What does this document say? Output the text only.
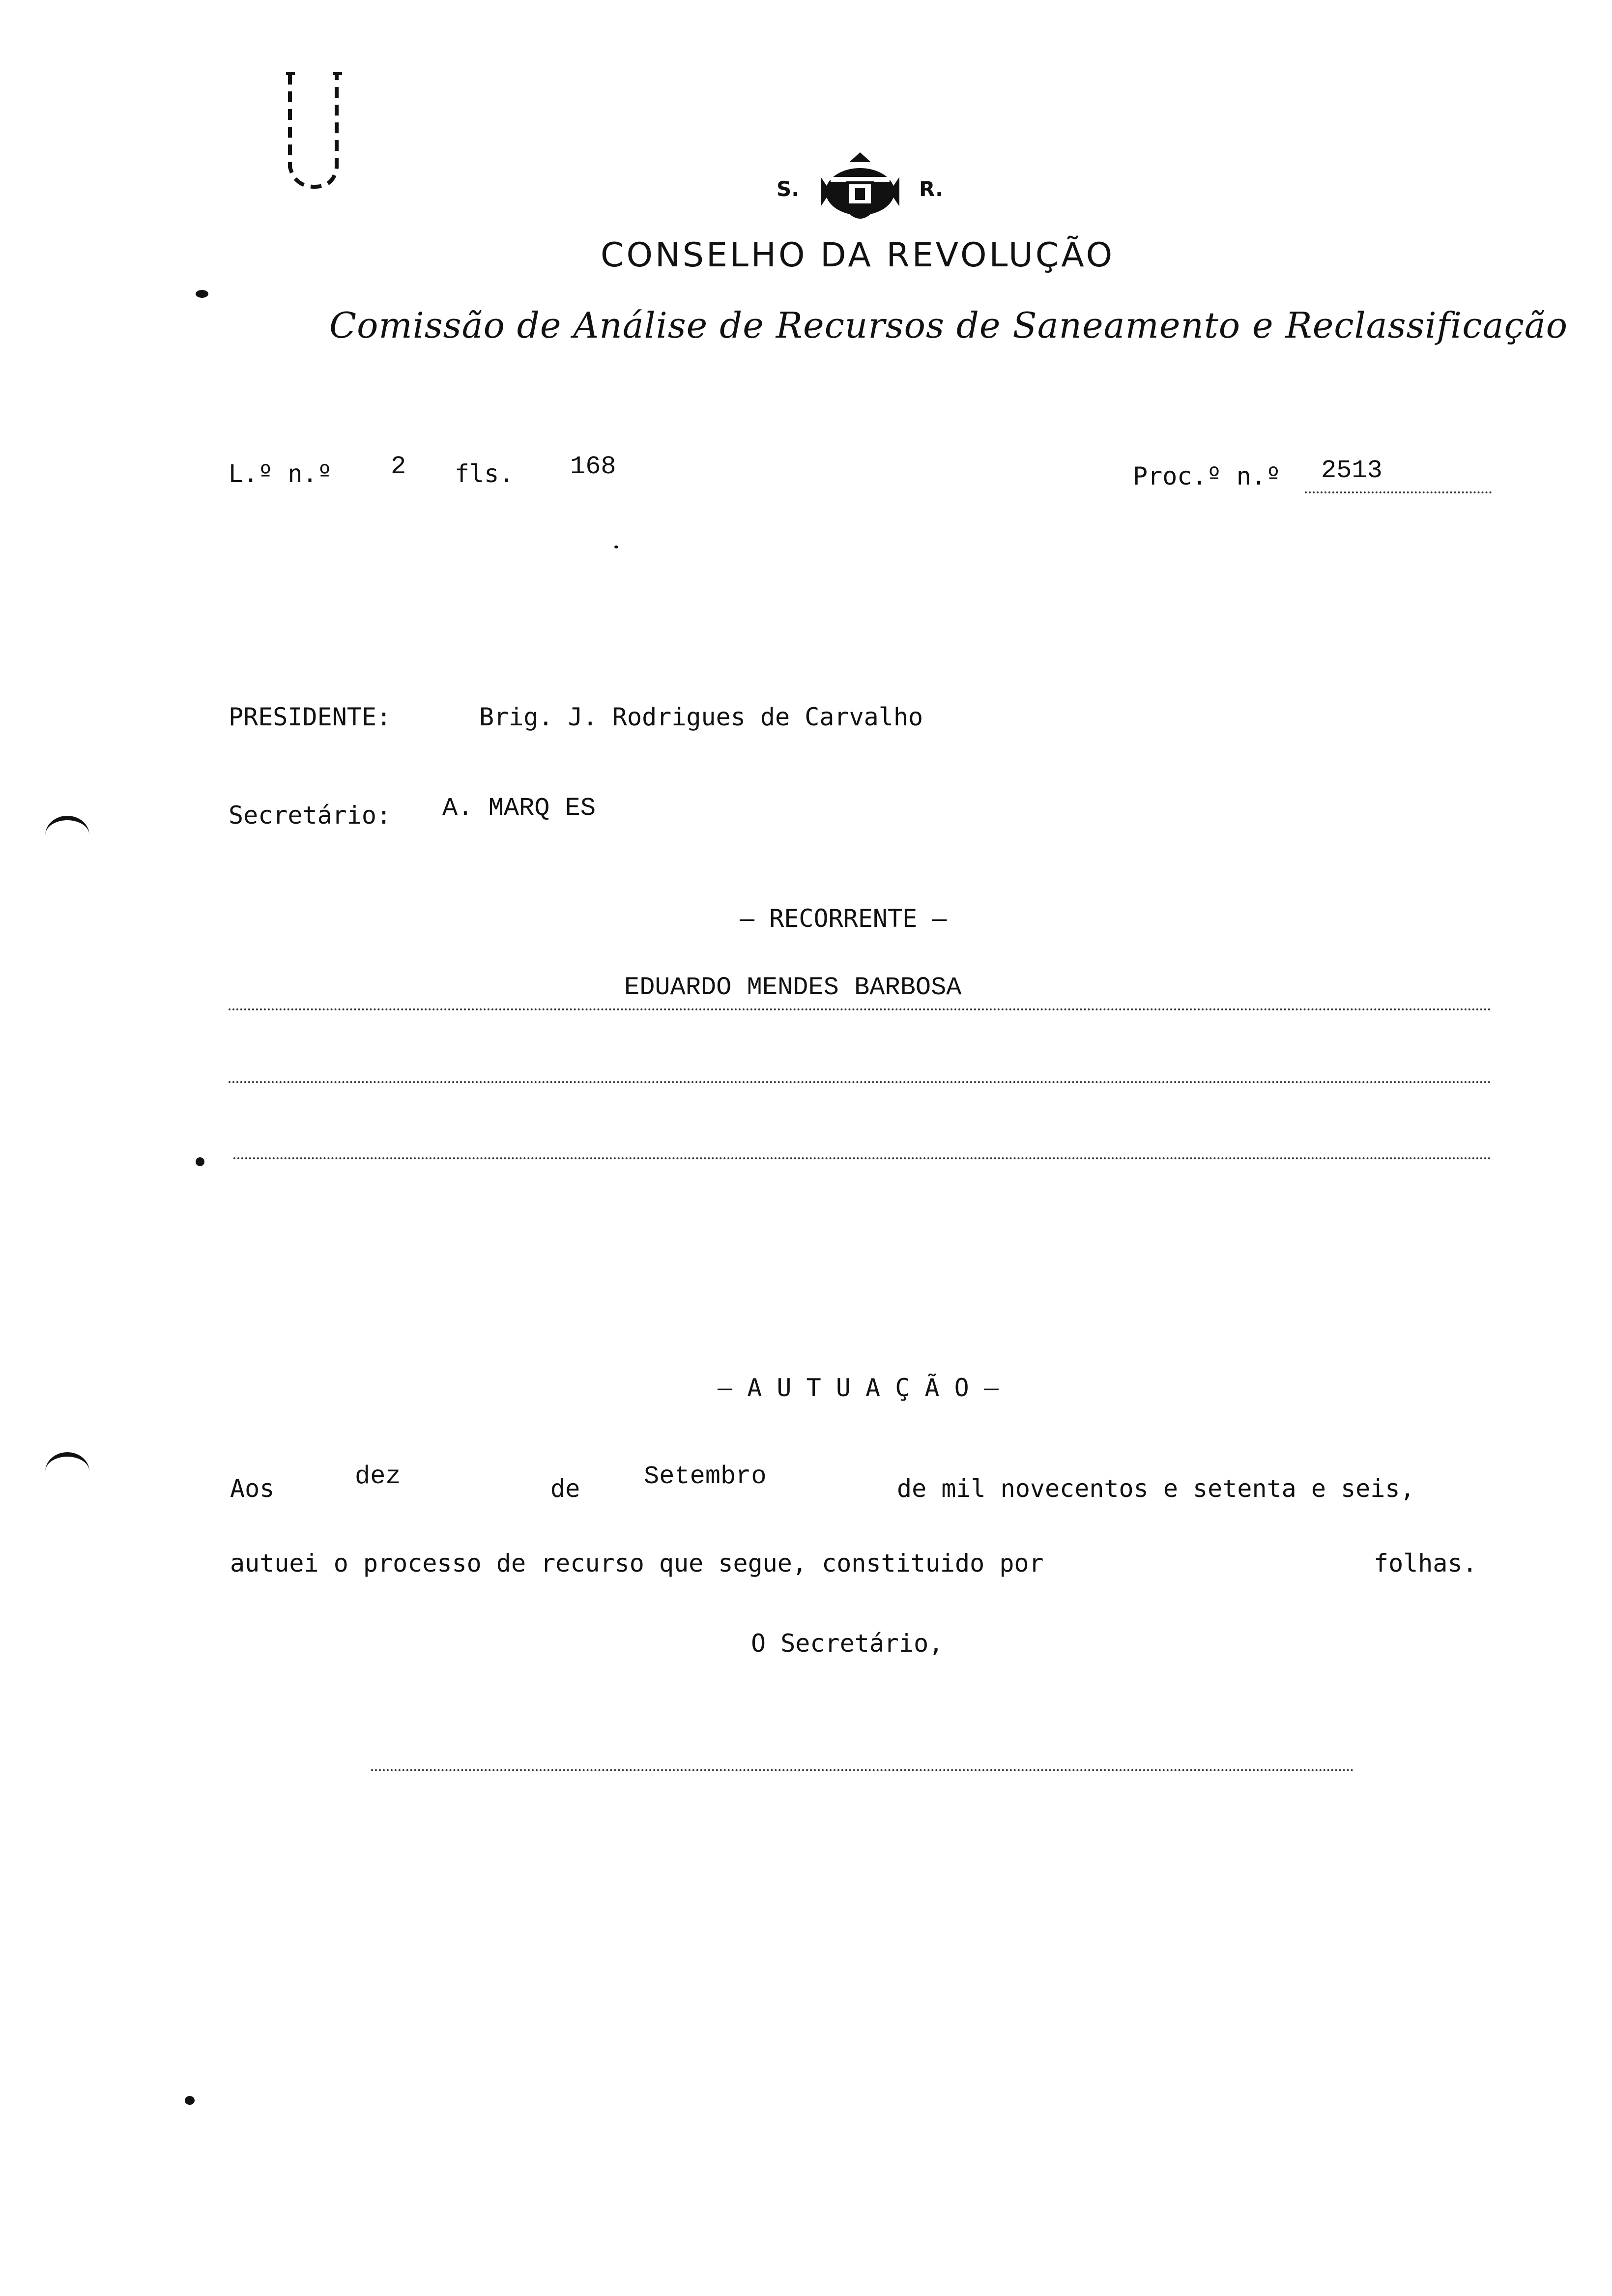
S.	R.
CONSELHO DA REVOLUÇÃO
Comissão de Análise de Recursos de Saneamento e Reclassificação
L.º n.º 2 fls. 168	Proc.º n.º 2513
PRESIDENTE:	Brig. J. Rodrigues de Carvalho
Secretário: A. MARQ ES
– RECORRENTE –
EDUARDO MENDES BARBOSA
– A U T U A Ç Ã O –
Aos	dez	de Setembro	de mil novecentos e setenta e seis,
autuei o processo de recurso que segue, constituido por	folhas.
O Secretário,
